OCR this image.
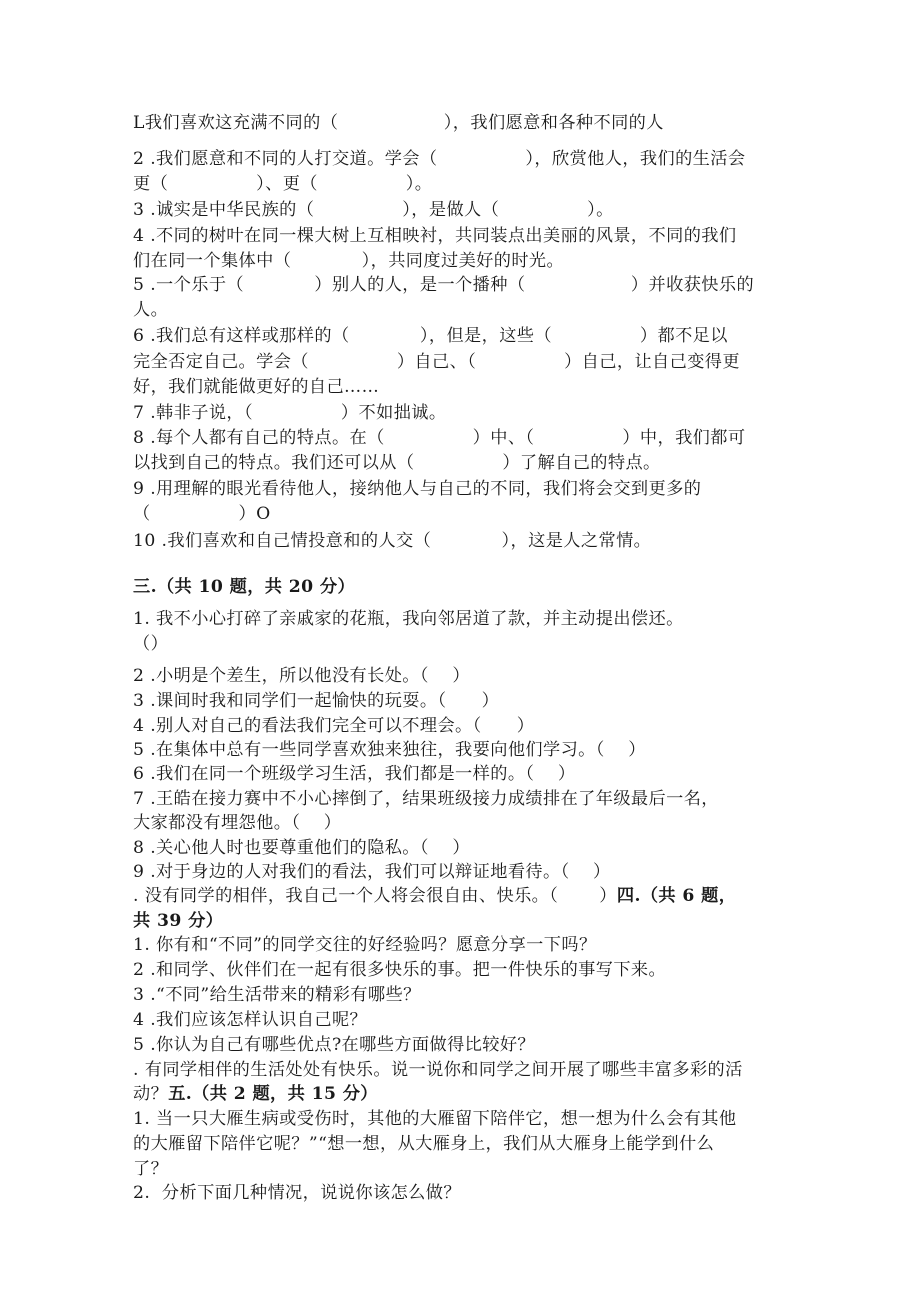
L我们喜欢这充满不同的（　　　　　　），我们愿意和各种不同的人
2 .我们愿意和不同的人打交道。学会（　　　　　），欣赏他人，我们的生活会
更（　　　　　）、更（　　　　　）。
3 .诚实是中华民族的（　　　　　），是做人（　　　　　）。
4 .不同的树叶在同一棵大树上互相映衬，共同装点出美丽的风景，不同的我们
们在同一个集体中（　　　　），共同度过美好的时光。
5 .一个乐于（　　　　）别人的人，是一个播种（　　　　　　）并收获快乐的
人。
6 .我们总有这样或那样的（　　　　），但是，这些（　　　　　）都不足以
完全否定自己。学会（　　　　　）自己、（　　　　　）自己，让自己变得更
好，我们就能做更好的自己……
7 .韩非子说，（　　　　　）不如拙诚。
8 .每个人都有自己的特点。在（　　　　　）中、（　　　　　）中，我们都可
以找到自己的特点。我们还可以从（　　　　　）了解自己的特点。
9 .用理解的眼光看待他人，接纳他人与自己的不同，我们将会交到更多的
（　　　　　）O
10 .我们喜欢和自己情投意和的人交（　　　　），这是人之常情。
三.（共 10 题，共 20 分）
1. 我不小心打碎了亲戚家的花瓶，我向邻居道了款，并主动提出偿还。
（）
2 .小明是个差生，所以他没有长处。（　 ）
3 .课间时我和同学们一起愉快的玩耍。（　　）
4 .别人对自己的看法我们完全可以不理会。（　　）
5 .在集体中总有一些同学喜欢独来独往，我要向他们学习。（　 ）
6 .我们在同一个班级学习生活，我们都是一样的。（　 ）
7 .王皓在接力赛中不小心摔倒了，结果班级接力成绩排在了年级最后一名，
大家都没有埋怨他。（　 ）
8 .关心他人时也要尊重他们的隐私。（　 ）
9 .对于身边的人对我们的看法，我们可以辩证地看待。（　 ）
. 没有同学的相伴，我自己一个人将会很自由、快乐。（　　 ）四.（共 6 题，
共 39 分）
1. 你有和“不同”的同学交往的好经验吗？愿意分享一下吗？
2 .和同学、伙伴们在一起有很多快乐的事。把一件快乐的事写下来。
3 .“不同”给生活带来的精彩有哪些？
4 .我们应该怎样认识自己呢？
5 .你认为自己有哪些优点?在哪些方面做得比较好？
. 有同学相伴的生活处处有快乐。说一说你和同学之间开展了哪些丰富多彩的活
动？五.（共 2 题，共 15 分）
1. 当一只大雁生病或受伤时，其他的大雁留下陪伴它，想一想为什么会有其他
的大雁留下陪伴它呢？”“想一想，从大雁身上，我们从大雁身上能学到什么
了？
2.  分析下面几种情况，说说你该怎么做？
